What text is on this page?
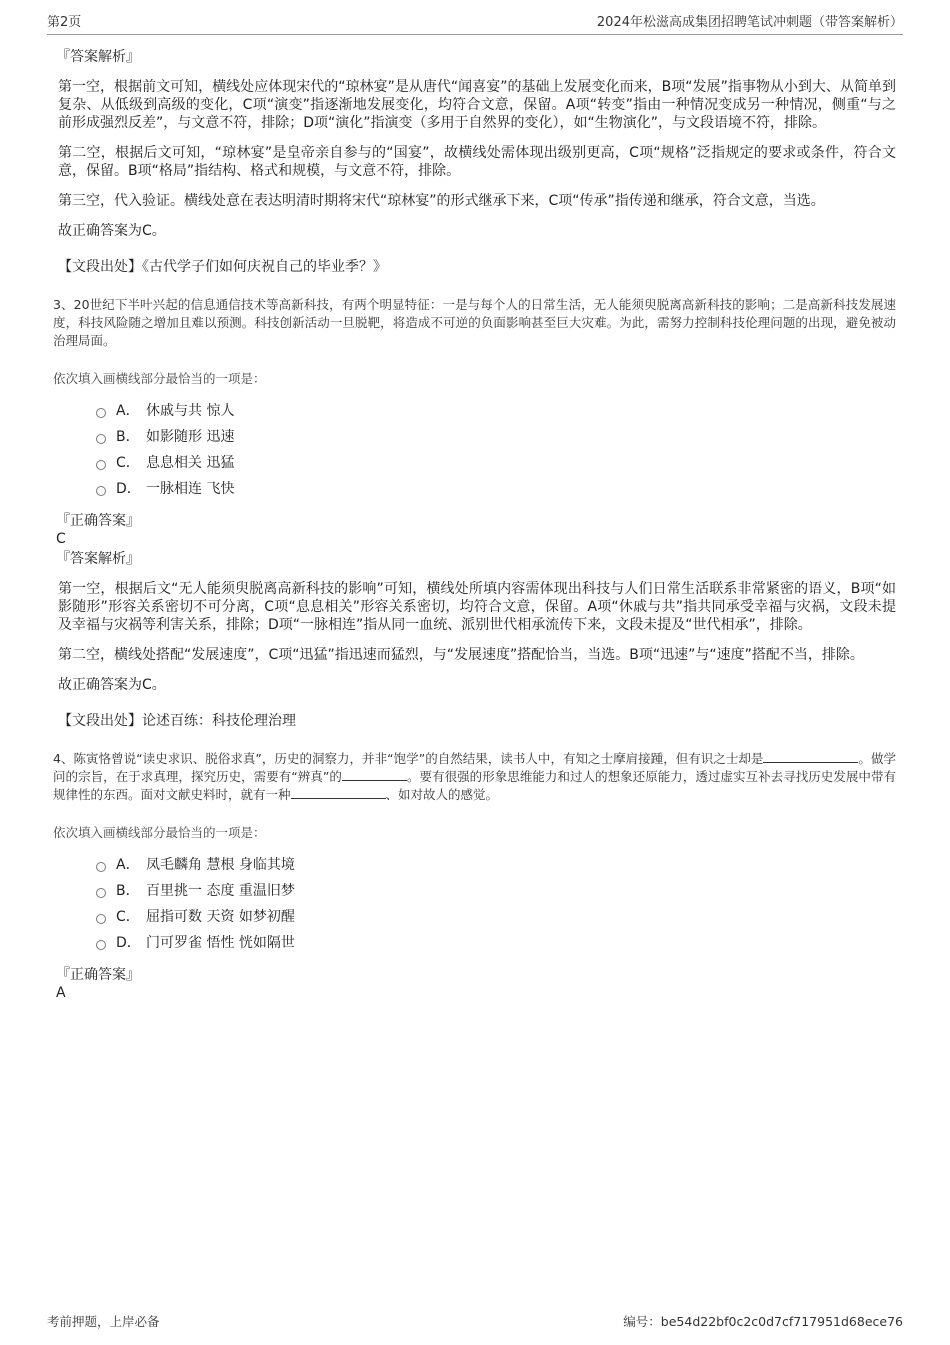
第2页	2024年松滋高成集团招聘笔试冲刺题（带答案解析）
『答案解析』
第一空，根据前文可知，横线处应体现宋代的“琼林宴”是从唐代“闻喜宴”的基础上发展变化而来，B项“发展”指事物从小到大、从简单到复杂、从低级到高级的变化，C项“演变”指逐渐地发展变化，均符合文意，保留。A项“转变”指由一种情况变成另一种情况，侧重“与之前形成强烈反差”，与文意不符，排除；D项“演化”指演变（多用于自然界的变化），如“生物演化”，与文段语境不符，排除。
第二空，根据后文可知，“琼林宴”是皇帝亲自参与的“国宴”，故横线处需体现出级别更高，C项“规格”泛指规定的要求或条件，符合文意，保留。B项“格局”指结构、格式和规模，与文意不符，排除。
第三空，代入验证。横线处意在表达明清时期将宋代“琼林宴”的形式继承下来，C项“传承”指传递和继承，符合文意，当选。
故正确答案为C。
【文段出处】《古代学子们如何庆祝自己的毕业季？》
3、20世纪下半叶兴起的信息通信技术等高新科技，有两个明显特征：一是与每个人的日常生活，无人能须臾脱离高新科技的影响；二是高新科技发展速度，科技风险随之增加且难以预测。科技创新活动一旦脱靶，将造成不可逆的负面影响甚至巨大灾难。为此，需努力控制科技伦理问题的出现，避免被动治理局面。
依次填入画横线部分最恰当的一项是：
A． 休戚与共 惊人
B． 如影随形 迅速
C． 息息相关 迅猛
D． 一脉相连 飞快
『正确答案』
C
『答案解析』
第一空，根据后文“无人能须臾脱离高新科技的影响”可知，横线处所填内容需体现出科技与人们日常生活联系非常紧密的语义，B项“如影随形”形容关系密切不可分离，C项“息息相关”形容关系密切，均符合文意，保留。A项“休戚与共”指共同承受幸福与灾祸，文段未提及幸福与灾祸等利害关系，排除；D项“一脉相连”指从同一血统、派别世代相承流传下来，文段未提及“世代相承”，排除。
第二空，横线处搭配“发展速度”，C项“迅猛”指迅速而猛烈，与“发展速度”搭配恰当，当选。B项“迅速”与“速度”搭配不当，排除。
故正确答案为C。
【文段出处】论述百练：科技伦理治理
4、陈寅恪曾说“读史求识、脱俗求真”，历史的洞察力，并非“饱学”的自然结果，读书人中，有知之士摩肩接踵，但有识之士却是	。做学问的宗旨，在于求真理，探究历史，需要有“辨真”的	。要有很强的形象思维能力和过人的想象还原能力，透过虚实互补去寻找历史发展中带有规律性的东西。面对文献史料时，就有一种	、如对故人的感觉。
依次填入画横线部分最恰当的一项是：
A． 凤毛麟角 慧根 身临其境
B． 百里挑一 态度 重温旧梦
C． 屈指可数 天资 如梦初醒
D． 门可罗雀 悟性 恍如隔世
『正确答案』
A
考前押题，上岸必备	编号：be54d22bf0c2c0d7cf717951d68ece76
